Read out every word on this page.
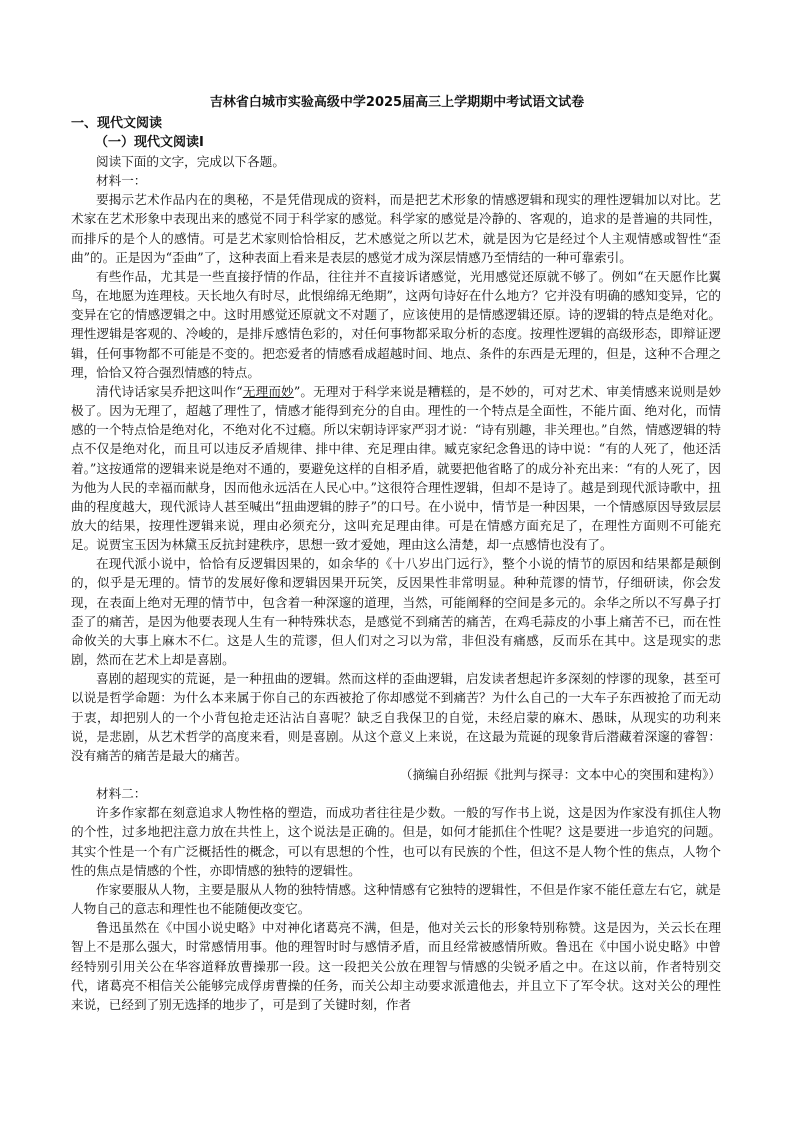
吉林省白城市实验高级中学2025届高三上学期期中考试语文试卷
一、现代文阅读
（一）现代文阅读I

阅读下面的文字，完成以下各题。

材料一：

要揭示艺术作品内在的奥秘，不是凭借现成的资料，而是把艺术形象的情感逻辑和现实的理性逻辑加以对比。艺术家在艺术形象中表现出来的感觉不同于科学家的感觉。科学家的感觉是冷静的、客观的，追求的是普遍的共同性，而排斥的是个人的感情。可是艺术家则恰恰相反，艺术感觉之所以艺术，就是因为它是经过个人主观情感或智性“歪曲”的。正是因为“歪曲”了，这种表面上看来是表层的感觉才成为深层情感乃至情结的一种可靠索引。

有些作品，尤其是一些直接抒情的作品，往往并不直接诉诸感觉，光用感觉还原就不够了。例如“在天愿作比翼鸟，在地愿为连理枝。天长地久有时尽，此恨绵绵无绝期”，这两句诗好在什么地方？它并没有明确的感知变异，它的变异在它的情感逻辑之中。这时用感觉还原就文不对题了，应该使用的是情感逻辑还原。诗的逻辑的特点是绝对化。理性逻辑是客观的、冷峻的，是排斥感情色彩的，对任何事物都采取分析的态度。按理性逻辑的高级形态，即辩证逻辑，任何事物都不可能是不变的。把恋爱者的情感看成超越时间、地点、条件的东西是无理的，但是，这种不合理之理，恰恰又符合强烈情感的特点。

清代诗话家吴乔把这叫作“无理而妙”。无理对于科学来说是糟糕的，是不妙的，可对艺术、审美情感来说则是妙极了。因为无理了，超越了理性了，情感才能得到充分的自由。理性的一个特点是全面性，不能片面、绝对化，而情感的一个特点恰是绝对化，不绝对化不过瘾。所以宋朝诗评家严羽才说：“诗有别趣，非关理也。”自然，情感逻辑的特点不仅是绝对化，而且可以违反矛盾规律、排中律、充足理由律。臧克家纪念鲁迅的诗中说：“有的人死了，他还活着。”这按通常的逻辑来说是绝对不通的，要避免这样的自相矛盾，就要把他省略了的成分补充出来：“有的人死了，因为他为人民的幸福而献身，因而他永远活在人民心中。”这很符合理性逻辑，但却不是诗了。越是到现代派诗歌中，扭曲的程度越大，现代派诗人甚至喊出“扭曲逻辑的脖子”的口号。在小说中，情节是一种因果，一个情感原因导致层层放大的结果，按理性逻辑来说，理由必须充分，这叫充足理由律。可是在情感方面充足了，在理性方面则不可能充足。说贾宝玉因为林黛玉反抗封建秩序，思想一致才爱她，理由这么清楚，却一点感情也没有了。

在现代派小说中，恰恰有反逻辑因果的，如余华的《十八岁出门远行》，整个小说的情节的原因和结果都是颠倒的，似乎是无理的。情节的发展好像和逻辑因果开玩笑，反因果性非常明显。种种荒谬的情节，仔细研读，你会发现，在表面上绝对无理的情节中，包含着一种深邃的道理，当然，可能阐释的空间是多元的。余华之所以不写鼻子打歪了的痛苦，是因为他要表现人生有一种特殊状态，是感觉不到痛苦的痛苦，在鸡毛蒜皮的小事上痛苦不已，而在性命攸关的大事上麻木不仁。这是人生的荒谬，但人们对之习以为常，非但没有痛感，反而乐在其中。这是现实的悲剧，然而在艺术上却是喜剧。

喜剧的超现实的荒诞，是一种扭曲的逻辑。然而这样的歪曲逻辑，启发读者想起许多深刻的悖谬的现象，甚至可以说是哲学命题：为什么本来属于你自己的东西被抢了你却感觉不到痛苦？为什么自己的一大车子东西被抢了而无动于衷，却把别人的一个小背包抢走还沾沾自喜呢？缺乏自我保卫的自觉，未经启蒙的麻木、愚昧，从现实的功利来说，是悲剧，从艺术哲学的高度来看，则是喜剧。从这个意义上来说，在这最为荒诞的现象背后潜藏着深邃的睿智：没有痛苦的痛苦是最大的痛苦。

（摘编自孙绍振《批判与探寻：文本中心的突围和建构》）

材料二：

许多作家都在刻意追求人物性格的塑造，而成功者往往是少数。一般的写作书上说，这是因为作家没有抓住人物的个性，过多地把注意力放在共性上，这个说法是正确的。但是，如何才能抓住个性呢？这是要进一步追究的问题。其实个性是一个有广泛概括性的概念，可以有思想的个性，也可以有民族的个性，但这不是人物个性的焦点，人物个性的焦点是情感的个性，亦即情感的独特的逻辑性。

作家要服从人物，主要是服从人物的独特情感。这种情感有它独特的逻辑性，不但是作家不能任意左右它，就是人物自己的意志和理性也不能随便改变它。

鲁迅虽然在《中国小说史略》中对神化诸葛亮不满，但是，他对关云长的形象特别称赞。这是因为，关云长在理智上不是那么强大，时常感情用事。他的理智时时与感情矛盾，而且经常被感情所败。鲁迅在《中国小说史略》中曾经特别引用关公在华容道释放曹操那一段。这一段把关公放在理智与情感的尖锐矛盾之中。在这以前，作者特别交代，诸葛亮不相信关公能够完成俘虏曹操的任务，而关公却主动要求派遣他去，并且立下了军令状。这对关公的理性来说，已经到了别无选择的地步了，可是到了关键时刻，作者
